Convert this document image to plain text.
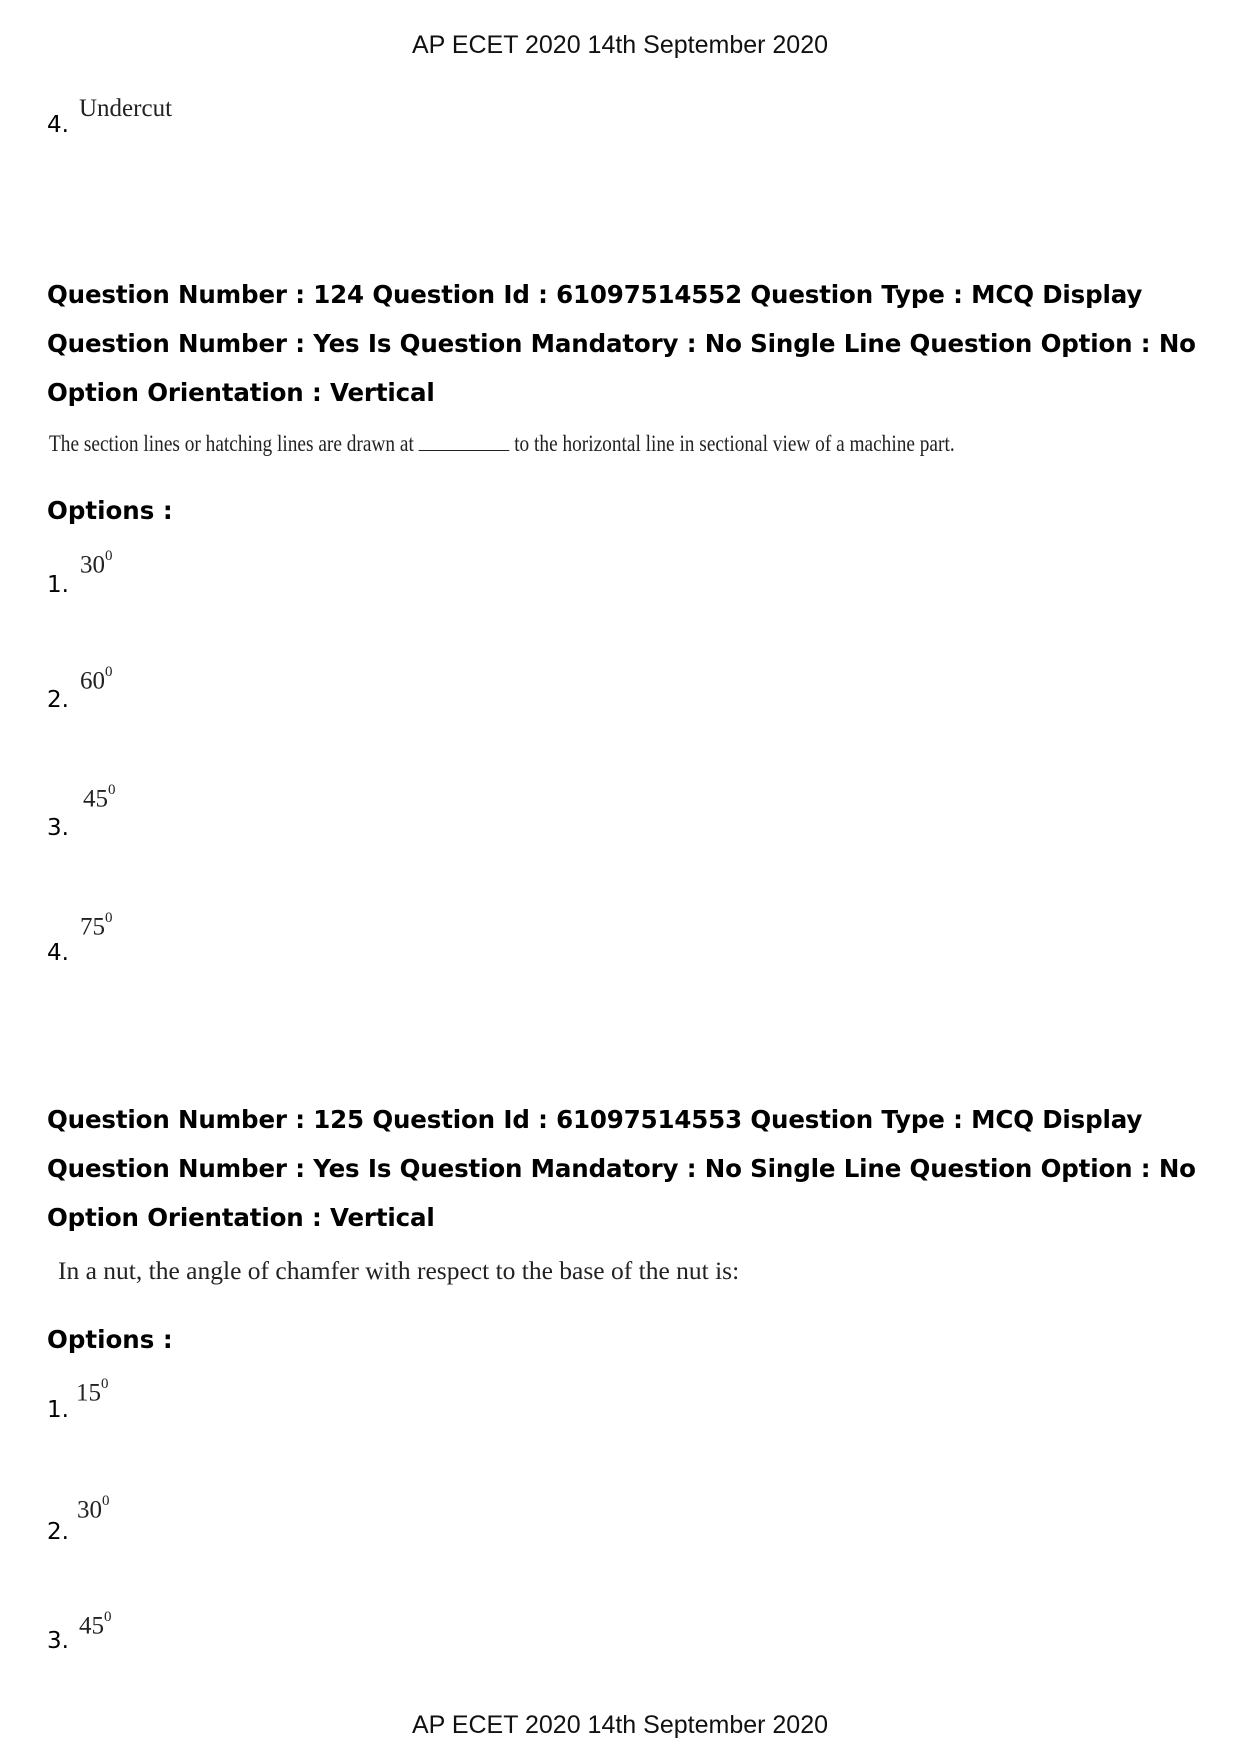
AP ECET 2020 14th September 2020
4.
Undercut
Question Number : 124 Question Id : 61097514552 Question Type : MCQ Display Question Number : Yes Is Question Mandatory : No Single Line Question Option : No Option Orientation : Vertical
The section lines or hatching lines are drawn at	to the horizontal line in sectional view of a machine part.
Options :
1.
$30^0$
2.
$60^0$
3.
$45^0$
4.
$75^0$
Question Number : 125 Question Id : 61097514553 Question Type : MCQ Display Question Number : Yes Is Question Mandatory : No Single Line Question Option : No Option Orientation : Vertical
In a nut, the angle of chamfer with respect to the base of the nut is:
Options :
1.
$15^0$
2.
$30^0$
3.
$45^0$
AP ECET 2020 14th September 2020
